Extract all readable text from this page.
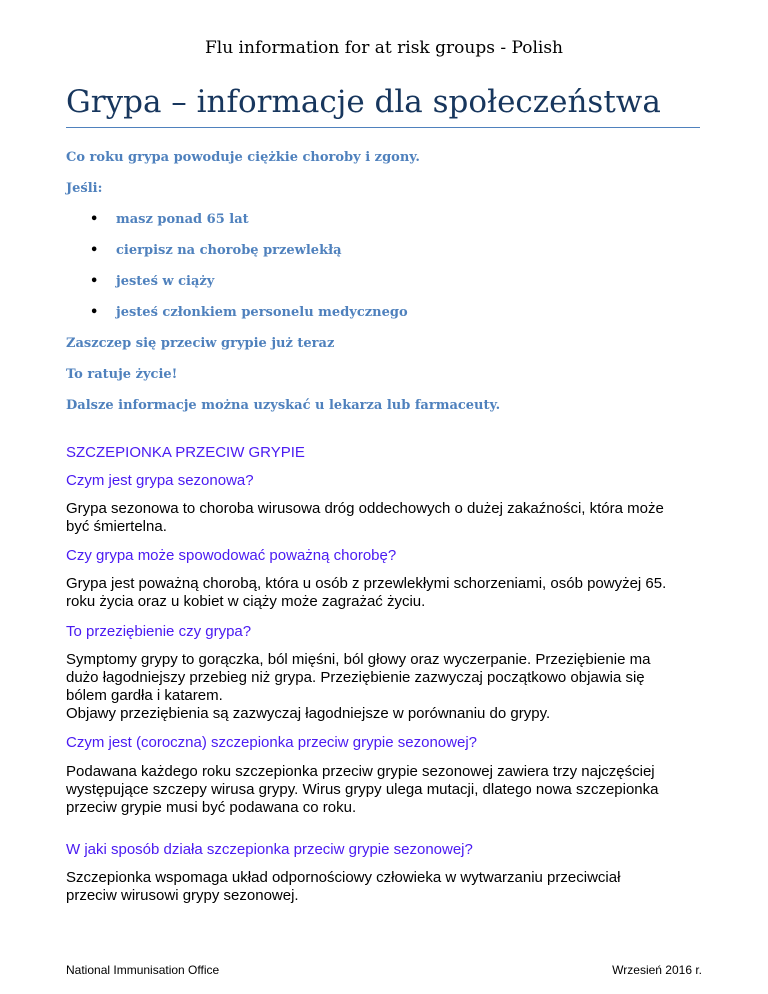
Flu information for at risk groups - Polish
Grypa – informacje dla społeczeństwa
Co roku grypa powoduje ciężkie choroby i zgony.
Jeśli:
• masz ponad 65 lat
• cierpisz na chorobę przewlekłą
• jesteś w ciąży
• jesteś członkiem personelu medycznego
Zaszczep się przeciw grypie już teraz
To ratuje życie!
Dalsze informacje można uzyskać u lekarza lub farmaceuty.
SZCZEPIONKA PRZECIW GRYPIE
Czym jest grypa sezonowa?
Grypa sezonowa to choroba wirusowa dróg oddechowych o dużej zakaźności, która może
być śmiertelna.
Czy grypa może spowodować poważną chorobę?
Grypa jest poważną chorobą, która u osób z przewlekłymi schorzeniami, osób powyżej 65.
roku życia oraz u kobiet w ciąży może zagrażać życiu.
To przeziębienie czy grypa?
Symptomy grypy to gorączka, ból mięśni, ból głowy oraz wyczerpanie. Przeziębienie ma
dużo łagodniejszy przebieg niż grypa. Przeziębienie zazwyczaj początkowo objawia się
bólem gardła i katarem.
Objawy przeziębienia są zazwyczaj łagodniejsze w porównaniu do grypy.
Czym jest (coroczna) szczepionka przeciw grypie sezonowej?
Podawana każdego roku szczepionka przeciw grypie sezonowej zawiera trzy najczęściej
występujące szczepy wirusa grypy. Wirus grypy ulega mutacji, dlatego nowa szczepionka
przeciw grypie musi być podawana co roku.
W jaki sposób działa szczepionka przeciw grypie sezonowej?
Szczepionka wspomaga układ odpornościowy człowieka w wytwarzaniu przeciwciał
przeciw wirusowi grypy sezonowej.
National Immunisation Office	Wrzesień 2016 r.
